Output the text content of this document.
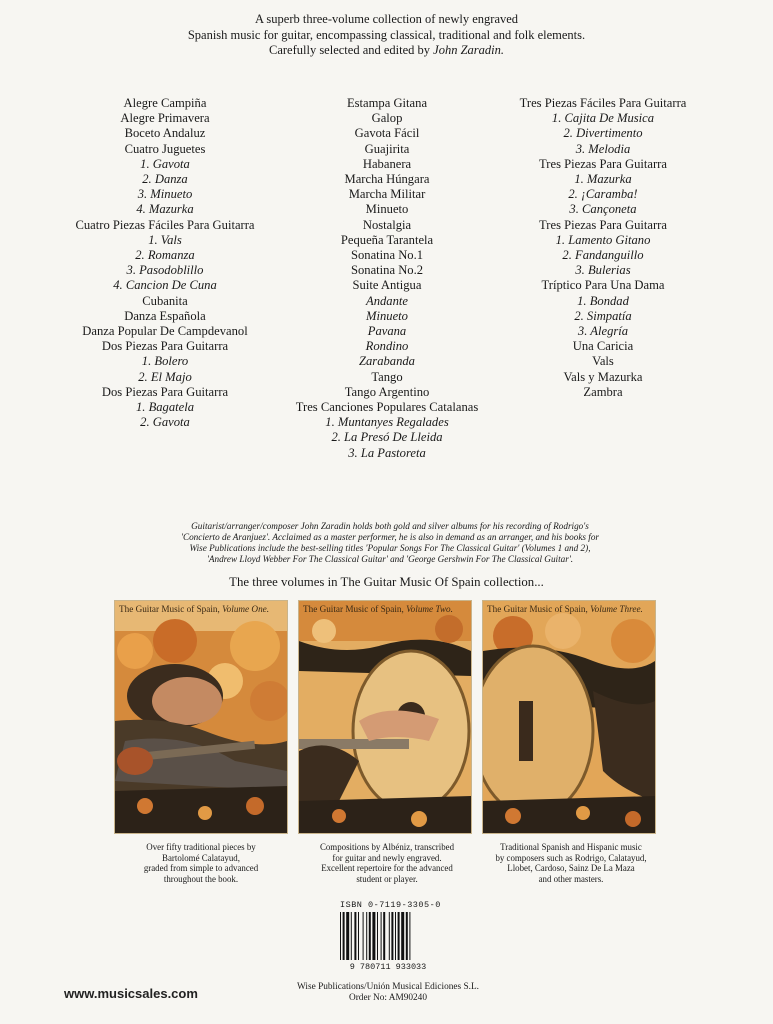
A superb three-volume collection of newly engraved
Spanish music for guitar, encompassing classical, traditional and folk elements.
Carefully selected and edited by John Zaradin.
Alegre Campiña
Alegre Primavera
Boceto Andaluz
Cuatro Juguetes
1. Gavota
2. Danza
3. Minueto
4. Mazurka
Cuatro Piezas Fáciles Para Guitarra
1. Vals
2. Romanza
3. Pasodoblillo
4. Cancion De Cuna
Cubanita
Danza Española
Danza Popular De Campdevanol
Dos Piezas Para Guitarra
1. Bolero
2. El Majo
Dos Piezas Para Guitarra
1. Bagatela
2. Gavota
Estampa Gitana
Galop
Gavota Fácil
Guajirita
Habanera
Marcha Húngara
Marcha Militar
Minueto
Nostalgia
Pequeña Tarantela
Sonatina No.1
Sonatina No.2
Suite Antigua
Andante
Minueto
Pavana
Rondino
Zarabanda
Tango
Tango Argentino
Tres Canciones Populares Catalanas
1. Muntanyes Regalades
2. La Presó De Lleida
3. La Pastoreta
Tres Piezas Fáciles Para Guitarra
1. Cajita De Musica
2. Divertimento
3. Melodia
Tres Piezas Para Guitarra
1. Mazurka
2. ¡Caramba!
3. Cançoneta
Tres Piezas Para Guitarra
1. Lamento Gitano
2. Fandanguillo
3. Bulerias
Tríptico Para Una Dama
1. Bondad
2. Simpatía
3. Alegría
Una Caricia
Vals
Vals y Mazurka
Zambra
Guitarist/arranger/composer John Zaradin holds both gold and silver albums for his recording of Rodrigo's
'Concierto de Aranjuez'. Acclaimed as a master performer, he is also in demand as an arranger, and his books for
Wise Publications include the best-selling titles 'Popular Songs For The Classical Guitar' (Volumes 1 and 2),
'Andrew Lloyd Webber For The Classical Guitar' and 'George Gershwin For The Classical Guitar'.
The three volumes in The Guitar Music Of Spain collection...
The Guitar Music of Spain, Volume One.	The Guitar Music of Spain, Volume Two.	The Guitar Music of Spain, Volume Three.
Over fifty traditional pieces by
Bartolomé Calatayud,
graded from simple to advanced
throughout the book.
Compositions by Albéniz, transcribed
for guitar and newly engraved.
Excellent repertoire for the advanced
student or player.
Traditional Spanish and Hispanic music
by composers such as Rodrigo, Calatayud,
Llobet, Cardoso, Sainz De La Maza
and other masters.
ISBN 0-7119-3305-0
9 780711 933033
www.musicsales.com	Wise Publications/Unión Musical Ediciones S.L.
Order No: AM90240
